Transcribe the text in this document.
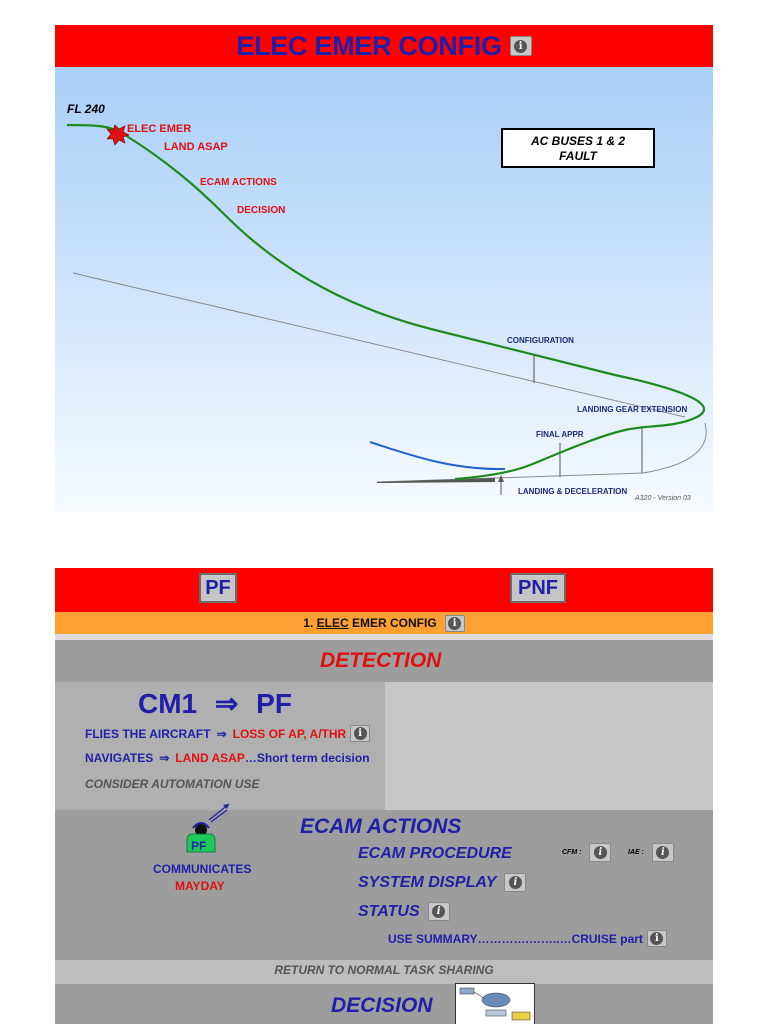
ELEC EMER CONFIG	i
FL 240
ELEC EMER
LAND ASAP
ECAM ACTIONS
DECISION
CONFIGURATION
LANDING GEAR EXTENSION
FINAL APPR
LANDING & DECELERATION
AC BUSES 1 & 2
FAULT
A320 - Version 03
PF	PNF
1.
ELEC
EMER CONFIG	i
DETECTION
CM1 ⇒ PF
FLIES THE AIRCRAFT ⇒ LOSS OF AP, A/THR	i
NAVIGATES ⇒ LAND ASAP …Short term decision
CONSIDER AUTOMATION USE
PF
COMMUNICATES
MAYDAY
ECAM ACTIONS
ECAM PROCEDURE	CFM :	i	IAE :	i
SYSTEM DISPLAY	i
STATUS	i
USE SUMMARY………….……..…CRUISE part	i
RETURN TO NORMAL TASK SHARING
DECISION
